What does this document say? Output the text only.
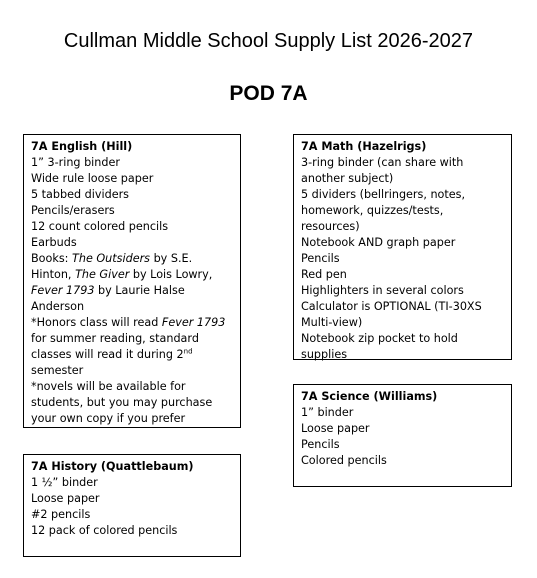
Cullman Middle School Supply List 2026-2027
POD 7A
7A English (Hill)
1” 3-ring binder
Wide rule loose paper
5 tabbed dividers
Pencils/erasers
12 count colored pencils
Earbuds
Books: The Outsiders by S.E. Hinton, The Giver by Lois Lowry, Fever 1793 by Laurie Halse Anderson
*Honors class will read Fever 1793 for summer reading, standard classes will read it during 2nd semester
*novels will be available for students, but you may purchase your own copy if you prefer
7A History (Quattlebaum)
1 ½” binder
Loose paper
#2 pencils
12 pack of colored pencils
7A Math (Hazelrigs)
3-ring binder (can share with another subject)
5 dividers (bellringers, notes, homework, quizzes/tests, resources)
Notebook AND graph paper
Pencils
Red pen
Highlighters in several colors
Calculator is OPTIONAL (TI-30XS Multi-view)
Notebook zip pocket to hold supplies
7A Science (Williams)
1” binder
Loose paper
Pencils
Colored pencils
